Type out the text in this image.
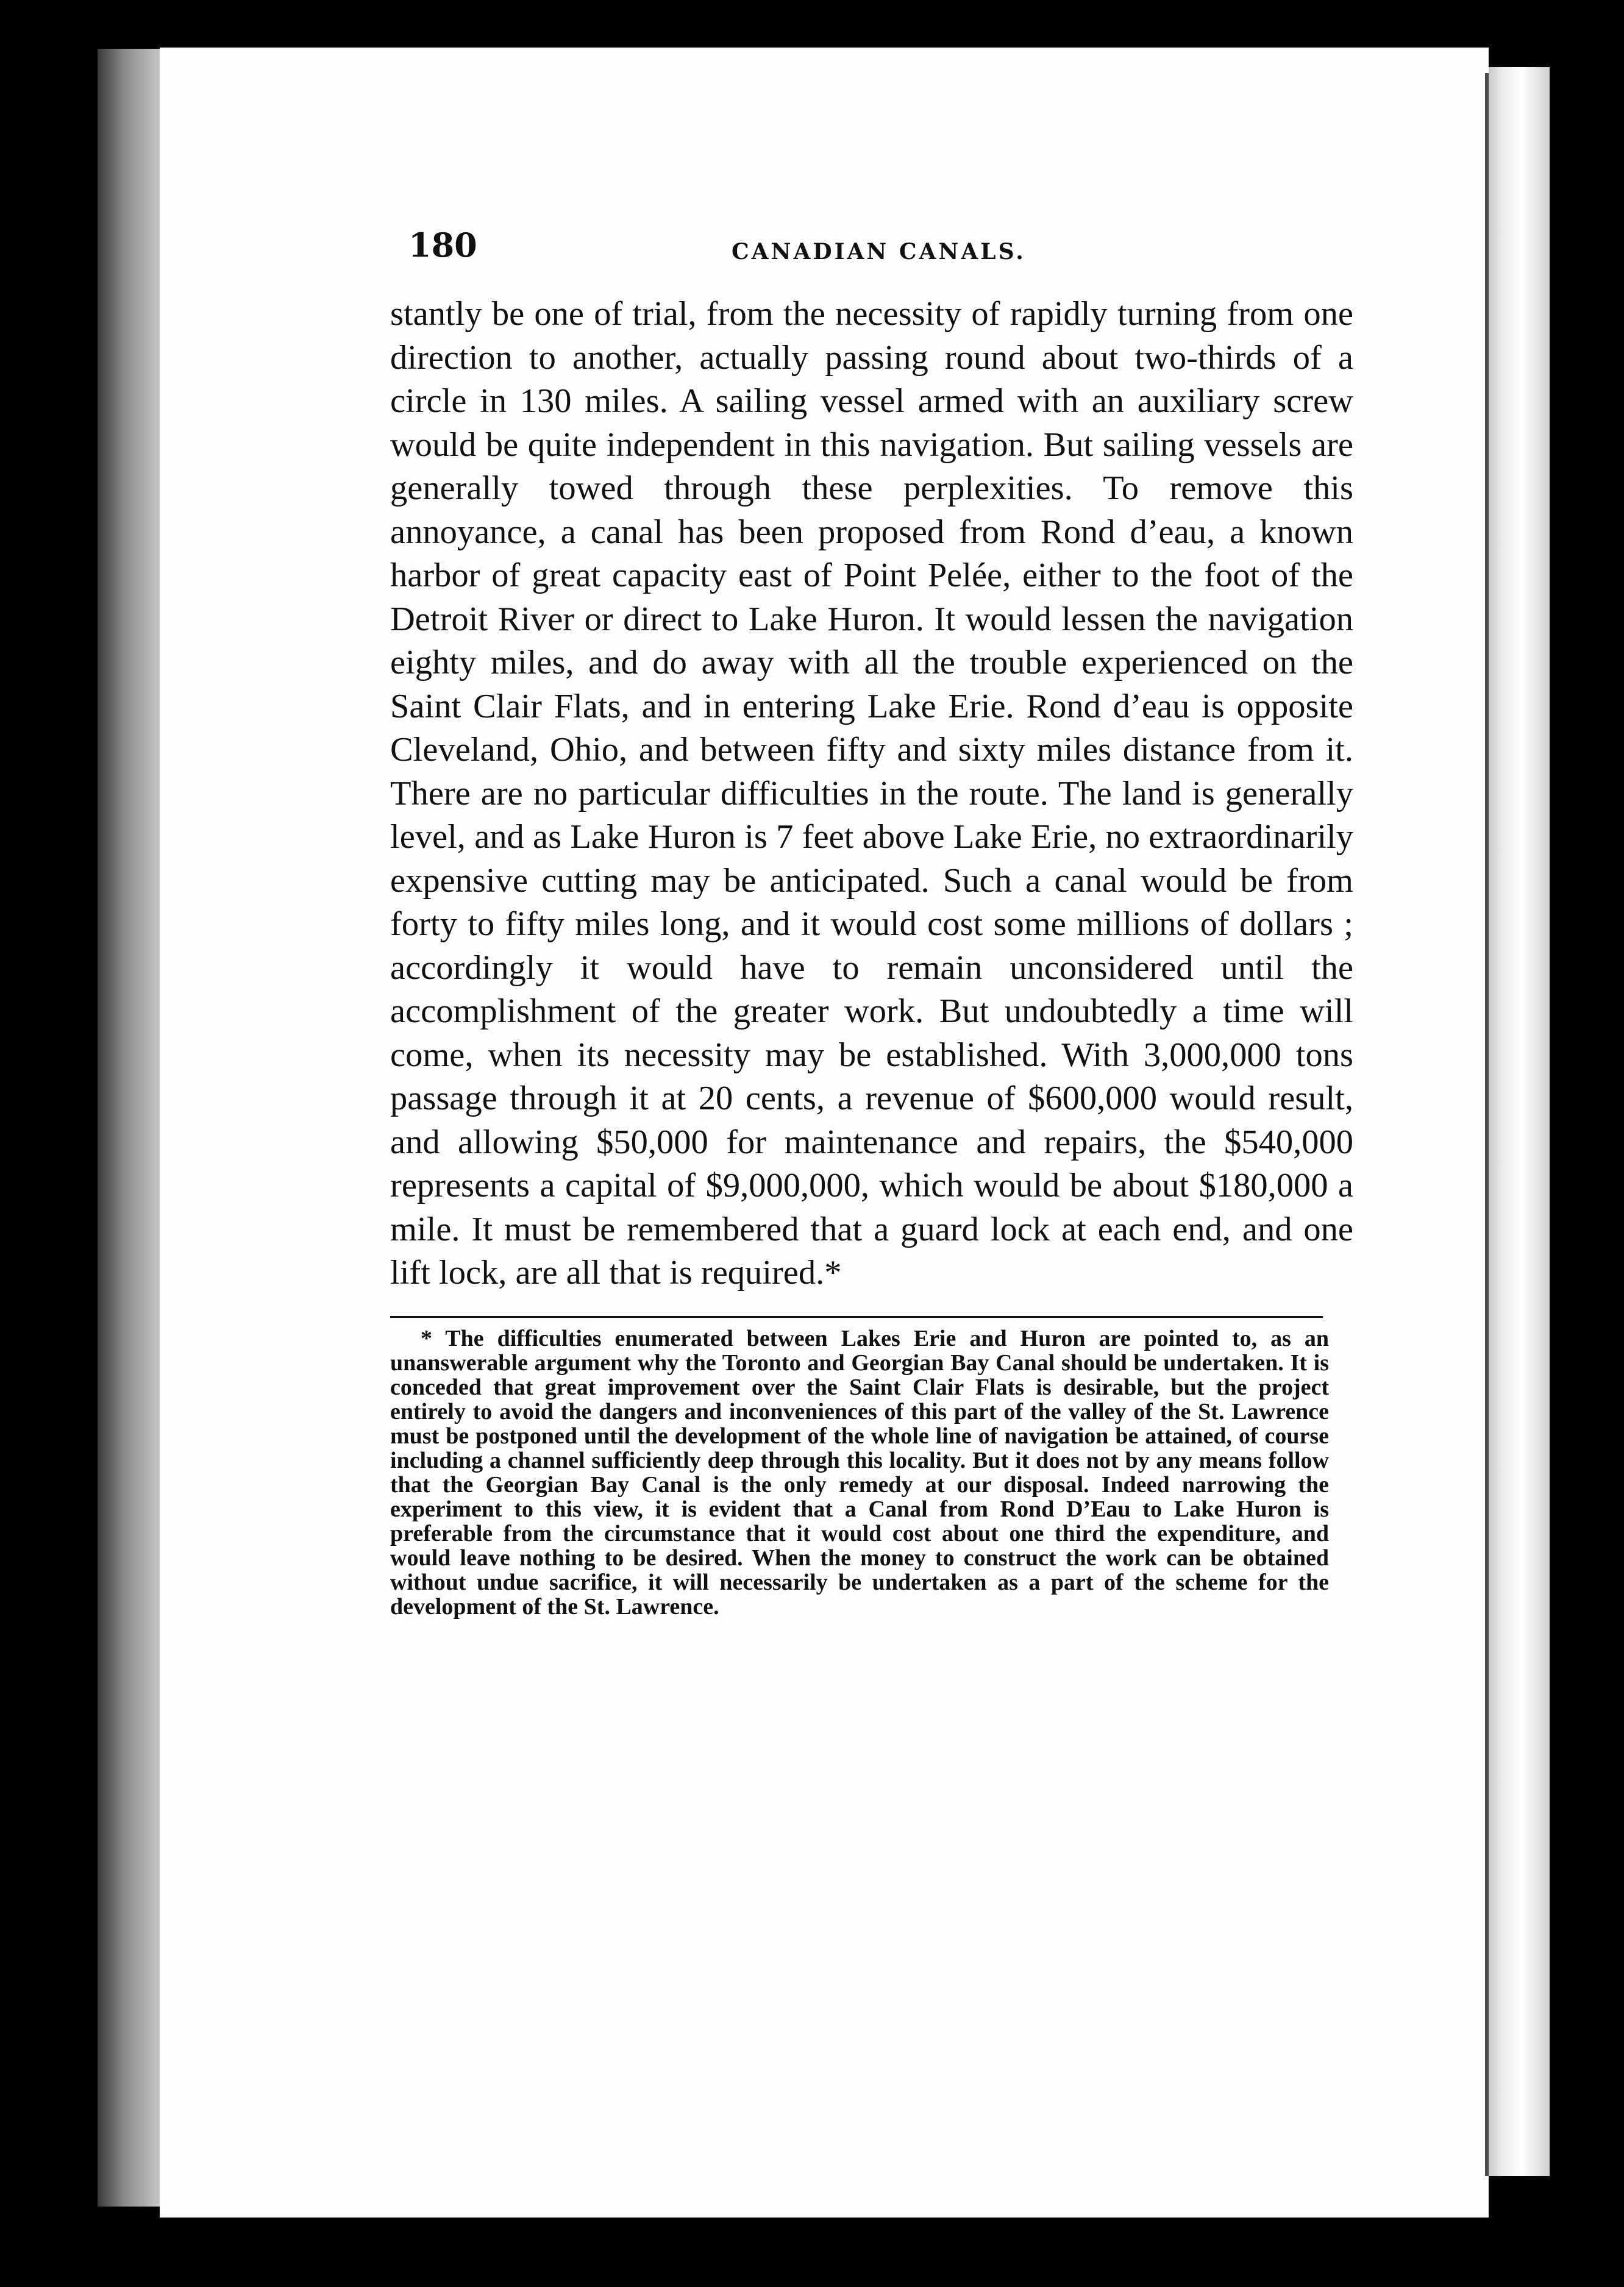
180	CANADIAN CANALS.

stantly be one of trial, from the necessity of rapidly turning from one direction to another, actually passing round about two-thirds of a circle in 130 miles. A sailing vessel armed with an auxiliary screw would be quite independent in this navigation. But sailing vessels are generally towed through these perplexities. To remove this annoyance, a canal has been proposed from Rond d’eau, a known harbor of great capacity east of Point Pelée, either to the foot of the Detroit River or direct to Lake Huron. It would lessen the navigation eighty miles, and do away with all the trouble experienced on the Saint Clair Flats, and in entering Lake Erie. Rond d’eau is opposite Cleveland, Ohio, and between fifty and sixty miles distance from it. There are no particular difficulties in the route. The land is generally level, and as Lake Huron is 7 feet above Lake Erie, no extraordinarily expensive cutting may be anticipated. Such a canal would be from forty to fifty miles long, and it would cost some millions of dollars ; accordingly it would have to remain unconsidered until the accomplishment of the greater work. But undoubtedly a time will come, when its necessity may be established. With 3,000,000 tons passage through it at 20 cents, a revenue of $600,000 would result, and allowing $50,000 for maintenance and repairs, the $540,000 represents a capital of $9,000,000, which would be about $180,000 a mile. It must be remembered that a guard lock at each end, and one lift lock, are all that is required.*

* The difficulties enumerated between Lakes Erie and Huron are pointed to, as an unanswerable argument why the Toronto and Georgian Bay Canal should be undertaken. It is conceded that great improvement over the Saint Clair Flats is desirable, but the project entirely to avoid the dangers and inconveniences of this part of the valley of the St. Lawrence must be postponed until the development of the whole line of navigation be attained, of course including a channel sufficiently deep through this locality. But it does not by any means follow that the Georgian Bay Canal is the only remedy at our disposal. Indeed narrowing the experiment to this view, it is evident that a Canal from Rond D’Eau to Lake Huron is preferable from the circumstance that it would cost about one third the expenditure, and would leave nothing to be desired. When the money to construct the work can be obtained without undue sacrifice, it will necessarily be undertaken as a part of the scheme for the development of the St. Lawrence.
